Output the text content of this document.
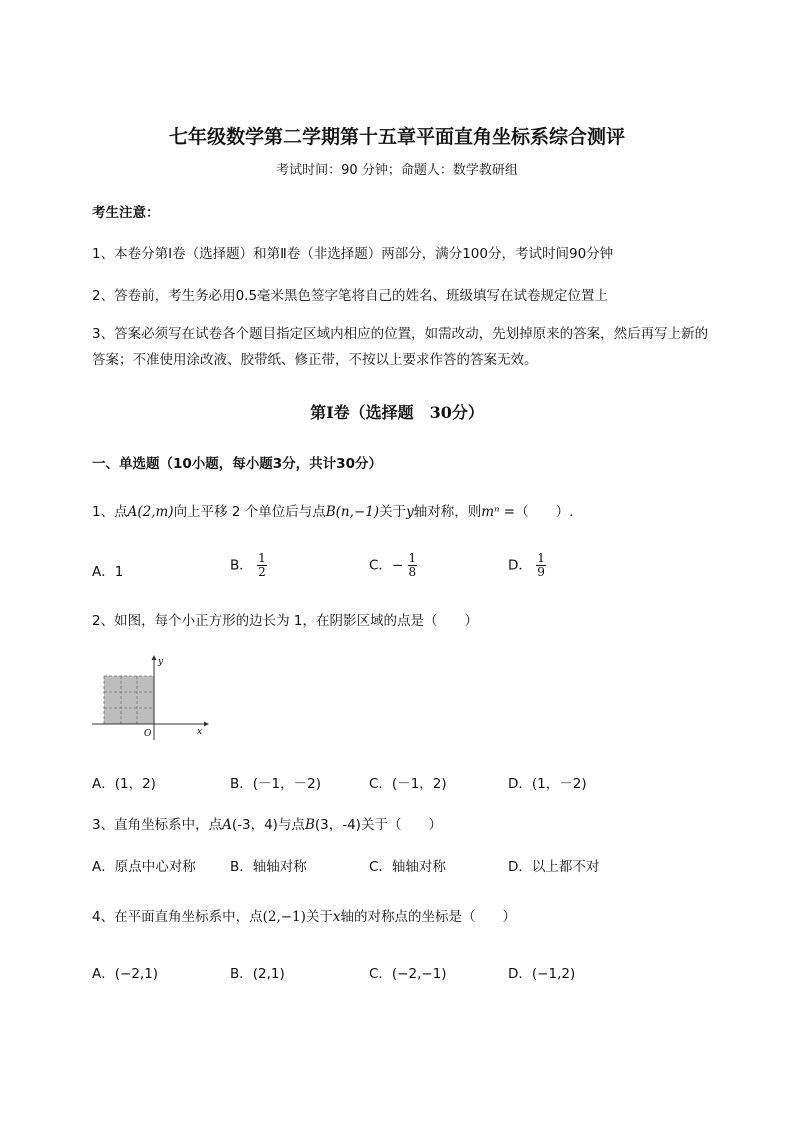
七年级数学第二学期第十五章平面直角坐标系综合测评
考试时间：90 分钟；命题人：数学教研组
考生注意：
1、本卷分第Ⅰ卷（选择题）和第Ⅱ卷（非选择题）两部分，满分100分，考试时间90分钟
2、答卷前，考生务必用0.5毫米黑色签字笔将自己的姓名、班级填写在试卷规定位置上
3、答案必须写在试卷各个题目指定区域内相应的位置，如需改动，先划掉原来的答案，然后再写上新的答案；不准使用涂改液、胶带纸、修正带，不按以上要求作答的答案无效。
第Ⅰ卷（选择题　30分）
一、单选题（10小题，每小题3分，共计30分）
1、点A(2,m)向上平移 2 个单位后与点B(n,−1)关于y轴对称，则mⁿ =（　　）.
A．1	B． $\frac{1}{2}$	C．− $\frac{1}{8}$	D． $\frac{1}{9}$
2、如图，每个小正方形的边长为 1，在阴影区域的点是（　　）
y
x
O
A．(1，2)	B．(－1，－2)	C．(－1，2)	D．(1，－2)
3、直角坐标系中，点A(-3，4)与点B(3，-4)关于（　　）
A．原点中心对称	B．轴轴对称	C．轴轴对称	D．以上都不对
4、在平面直角坐标系中，点(2,−1)关于x轴的对称点的坐标是（　　）
A．(−2,1)	B．(2,1)	C．(−2,−1)	D．(−1,2)
